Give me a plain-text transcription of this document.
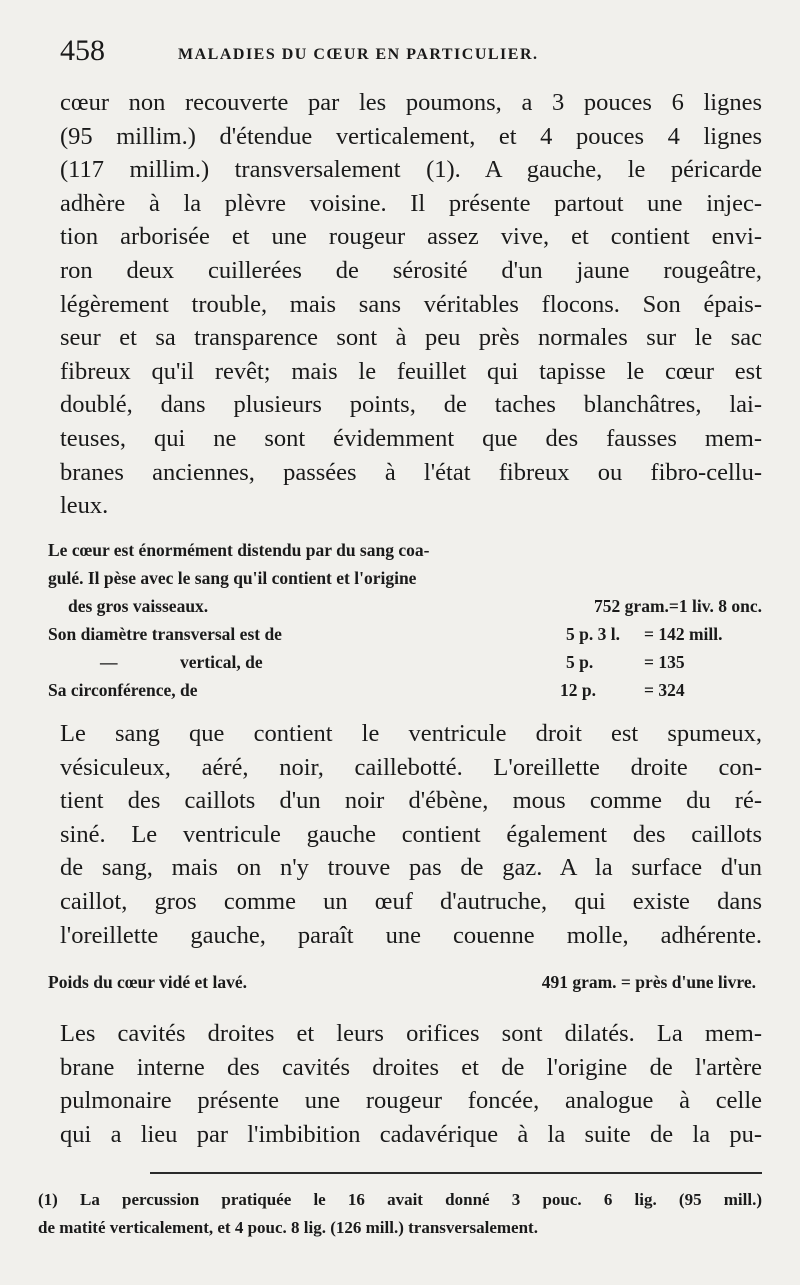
458	MALADIES DU CŒUR EN PARTICULIER.
cœur non recouverte par les poumons, a 3 pouces 6 lignes
(95 millim.) d'étendue verticalement, et 4 pouces 4 lignes
(117 millim.) transversalement (1). A gauche, le péricarde
adhère à la plèvre voisine. Il présente partout une injec-
tion arborisée et une rougeur assez vive, et contient envi-
ron deux cuillerées de sérosité d'un jaune rougeâtre,
légèrement trouble, mais sans véritables flocons. Son épais-
seur et sa transparence sont à peu près normales sur le sac
fibreux qu'il revêt; mais le feuillet qui tapisse le cœur est
doublé, dans plusieurs points, de taches blanchâtres, lai-
teuses, qui ne sont évidemment que des fausses mem-
branes anciennes, passées à l'état fibreux ou fibro-cellu-
leux.
Le cœur est énormément distendu par du sang coa-
gulé. Il pèse avec le sang qu'il contient et l'origine
des gros vaisseaux.	752 gram.=1 liv. 8 onc.
Son diamètre transversal est de	5 p. 3 l. = 142 mill.
—	vertical, de	5 p.	= 135
Sa circonférence, de	12 p.	= 324
Le sang que contient le ventricule droit est spumeux,
vésiculeux, aéré, noir, caillebotté. L'oreillette droite con-
tient des caillots d'un noir d'ébène, mous comme du ré-
siné. Le ventricule gauche contient également des caillots
de sang, mais on n'y trouve pas de gaz. A la surface d'un
caillot, gros comme un œuf d'autruche, qui existe dans
l'oreillette gauche, paraît une couenne molle, adhérente.
Poids du cœur vidé et lavé.	491 gram. = près d'une livre.
Les cavités droites et leurs orifices sont dilatés. La mem-
brane interne des cavités droites et de l'origine de l'artère
pulmonaire présente une rougeur foncée, analogue à celle
qui a lieu par l'imbibition cadavérique à la suite de la pu-
(1) La percussion pratiquée le 16 avait donné 3 pouc. 6 lig. (95 mill.)
de matité verticalement, et 4 pouc. 8 lig. (126 mill.) transversalement.
